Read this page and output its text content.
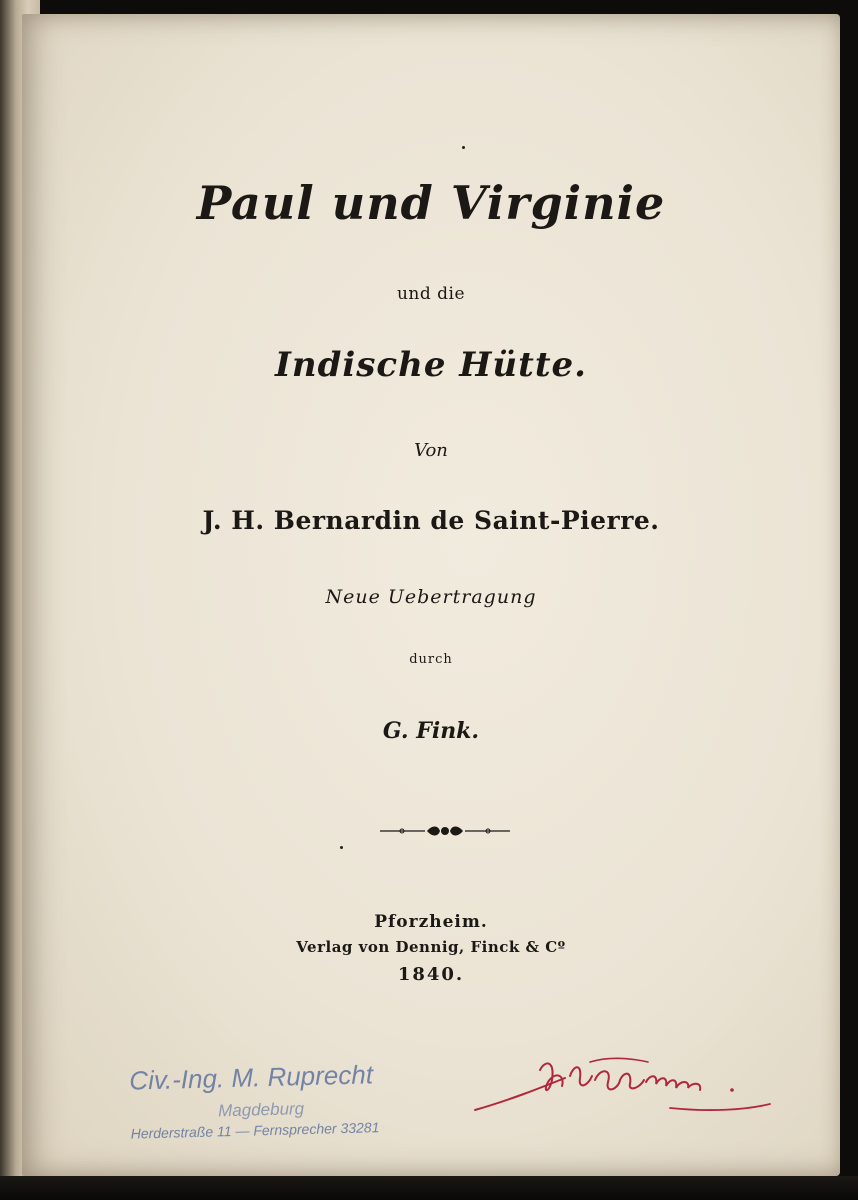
Paul und Virginie
und die
Indische Hütte.
Von
J. H. Bernardin de Saint-Pierre.
Neue Uebertragung
durch
G. Fink.
Pforzheim.
Verlag von Dennig, Finck & Cº
1840.
Civ.-Ing. M. Ruprecht
Magdeburg
Herderstraße 11 — Fernsprecher 33281
